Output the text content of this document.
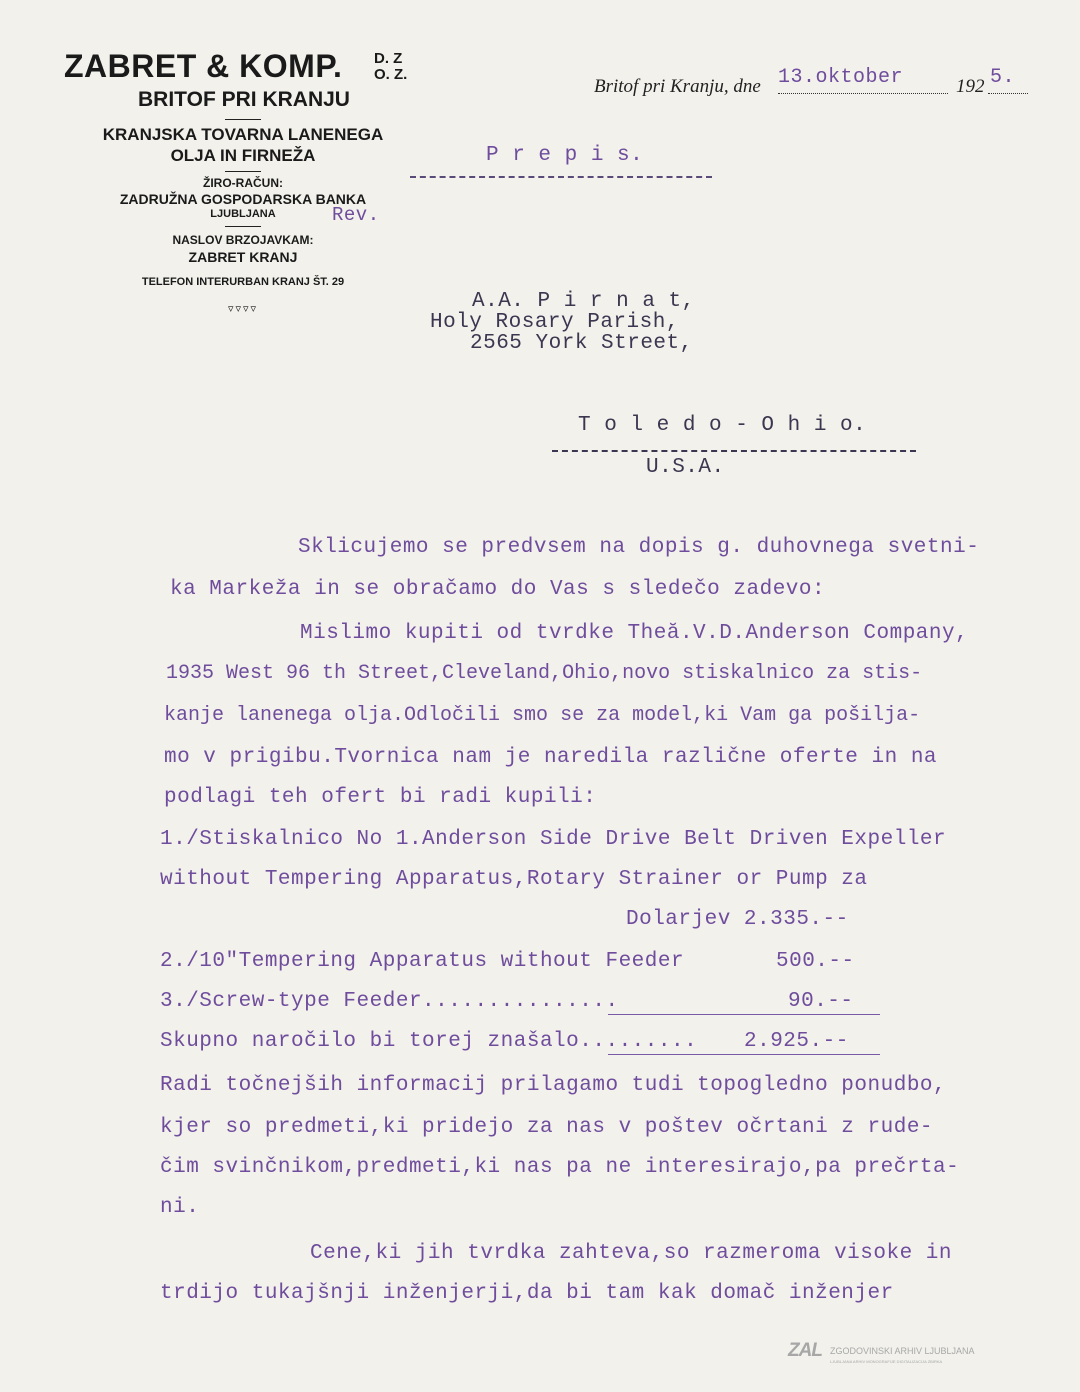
ZABRET & KOMP. D. Z
O. Z.
BRITOF PRI KRANJU
KRANJSKA TOVARNA LANENEGA
OLJA IN FIRNEŽA
ŽIRO-RAČUN:
ZADRUŽNA GOSPODARSKA BANKA
LJUBLJANA
NASLOV BRZOJAVKAM:
ZABRET KRANJ
TELEFON INTERURBAN KRANJ ŠT. 29
▿▿▿▿
Britof pri Kranju, dne 13.oktober	192 5.
P r e p i s.
Rev.
A.A. P i r n a t,
Holy Rosary Parish,
2565 York Street,
T o l e d o - O h i o.
U.S.A.
Sklicujemo se predvsem na dopis g. duhovnega svetni-
ka Markeža in se obračamo do Vas s sledečo zadevo:
Mislimo kupiti od tvrdke Theă.V.D.Anderson Company,
1935 West 96 th Street,Cleveland,Ohio,novo stiskalnico za stis-
kanje lanenega olja.Odločili smo se za model,ki Vam ga pošilja-
mo v prigibu.Tvornica nam je naredila različne oferte in na
podlagi teh ofert bi radi kupili:
1./Stiskalnico No 1.Anderson Side Drive Belt Driven Expeller
without Tempering Apparatus,Rotary Strainer or Pump za
Dolarjev 2.335.--
2./10"Tempering Apparatus without Feeder	500.--
3./Screw-type Feeder...............	90.--
Skupno naročilo bi torej znašalo......... 2.925.--
Radi točnejših informacij prilagamo tudi topogledno ponudbo,
kjer so predmeti,ki pridejo za nas v poštev očrtani z rude-
čim svinčnikom,predmeti,ki nas pa ne interesirajo,pa prečrta-
ni.
Cene,ki jih tvrdka zahteva,so razmeroma visoke in
trdijo tukajšnji inženjerji,da bi tam kak domač inženjer
ZAL ZGODOVINSKI ARHIV LJUBLJANA
LJUBLJANA ARHIV MONOGRAFIJE DIGITALIZACIJA ZBIRKA
